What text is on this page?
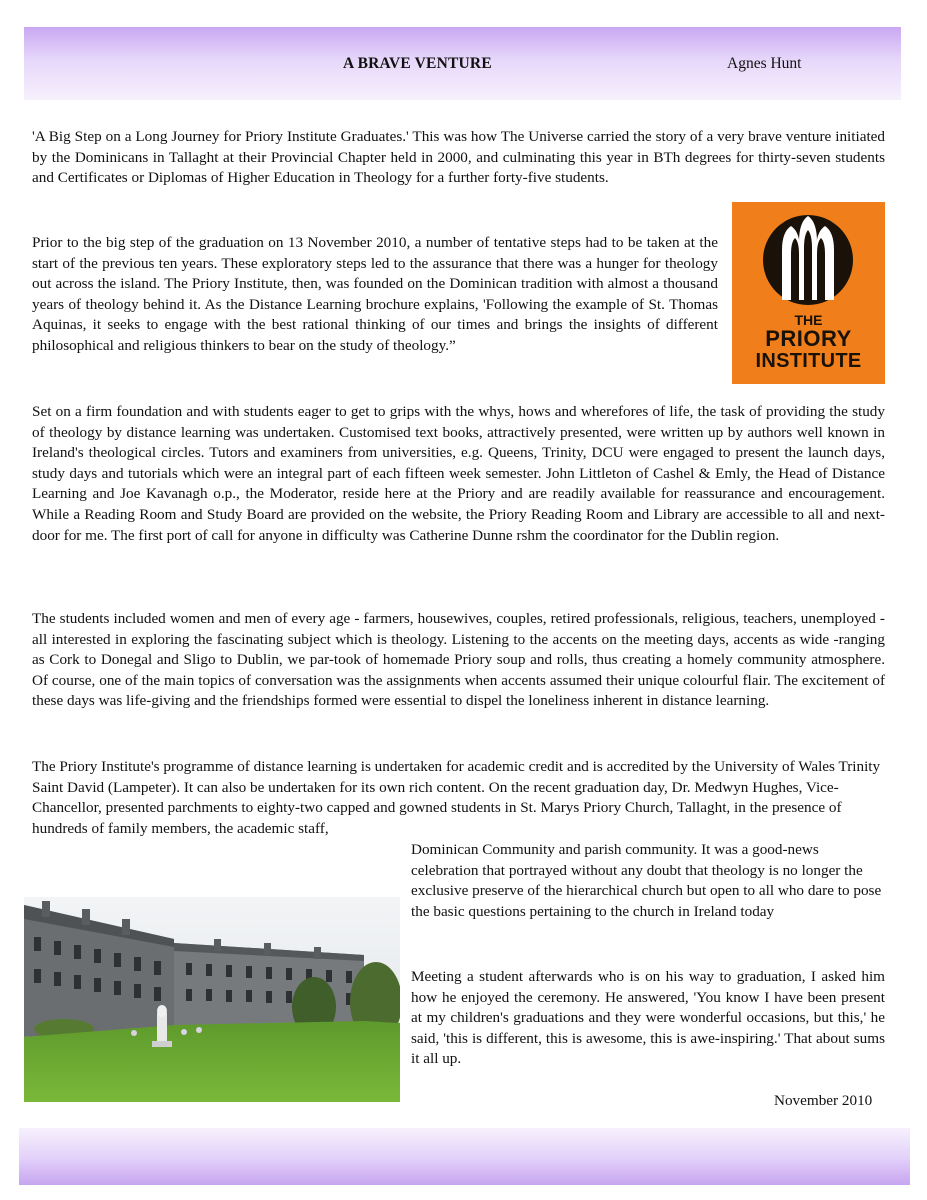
A BRAVE VENTURE	Agnes Hunt

'A Big Step on a Long Journey for Priory Institute Graduates.' This was how The Universe carried the story of a very brave venture initiated by the Dominicans in Tallaght at their Provincial Chapter held in 2000, and culminating this year in BTh degrees for thirty-seven students and Certificates or Diplomas of Higher Education in Theology for a further forty-five students.

THE
PRIORY
INSTITUTE

Prior to the big step of the graduation on 13 November 2010, a number of tentative steps had to be taken at the start of the previous ten years. These exploratory steps led to the assurance that there was a hunger for theology out across the island. The Priory Institute, then, was founded on the Dominican tradition with almost a thousand years of theology behind it. As the Distance Learning brochure explains, 'Following the example of St. Thomas Aquinas, it seeks to engage with the best rational thinking of our times and brings the insights of different philosophical and religious thinkers to bear on the study of theology.”

Set on a firm foundation and with students eager to get to grips with the whys, hows and wherefores of life, the task of providing the study of theology by distance learning was undertaken. Customised text books, attractively presented, were written up by authors well known in Ireland's theological circles. Tutors and examiners from universities, e.g. Queens, Trinity, DCU were engaged to present the launch days, study days and tutorials which were an integral part of each fifteen week semester. John Littleton of Cashel & Emly, the Head of Distance Learning and Joe Kavanagh o.p., the Moderator, reside here at the Priory and are readily available for reassurance and encouragement. While a Reading Room and Study Board are provided on the website, the Priory Reading Room and Library are accessible to all and next-door for me. The first port of call for anyone in difficulty was Catherine Dunne rshm the coordinator for the Dublin region.

The students included women and men of every age - farmers, housewives, couples, retired professionals, religious, teachers, unemployed - all interested in exploring the fascinating subject which is theology. Listening to the accents on the meeting days, accents as wide -ranging as Cork to Donegal and Sligo to Dublin, we par-took of homemade Priory soup and rolls, thus creating a homely community atmosphere. Of course, one of the main topics of conversation was the assignments when accents assumed their unique colourful flair. The excitement of these days was life-giving and the friendships formed were essential to dispel the loneliness inherent in distance learning.

The Priory Institute's programme of distance learning is undertaken for academic credit and is accredited by the University of Wales Trinity Saint David (Lampeter). It can also be undertaken for its own rich content. On the recent graduation day, Dr. Medwyn Hughes, Vice- Chancellor, presented parchments to eighty-two capped and gowned students in St. Marys Priory Church, Tallaght, in the presence of hundreds of family members, the academic staff,

Dominican Community and parish community. It was a good-news celebration that portrayed without any doubt that theology is no longer the exclusive preserve of the hierarchical church but open to all who dare to pose the basic questions pertaining to the church in Ireland today

Meeting a student afterwards who is on his way to graduation, I asked him how he enjoyed the ceremony. He answered, 'You know I have been present at my children's graduations and they were wonderful occasions, but this,' he said, 'this is different, this is awesome, this is awe-inspiring.' That about sums it all up.

November 2010
